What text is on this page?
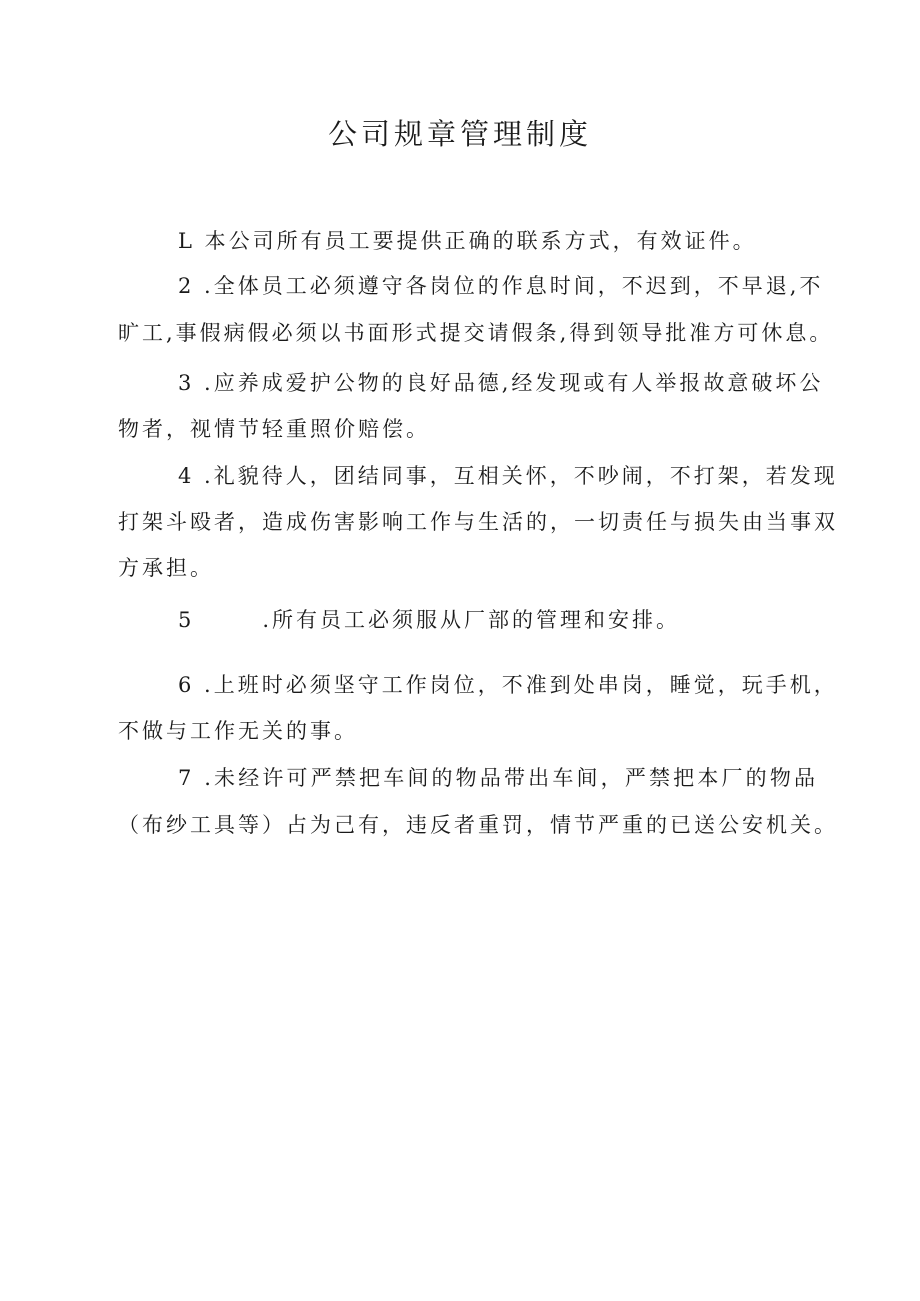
公司规章管理制度
L 本公司所有员工要提供正确的联系方式，有效证件。
2 .全体员工必须遵守各岗位的作息时间，不迟到，不早退,不
旷工,事假病假必须以书面形式提交请假条,得到领导批准方可休息。
3 .应养成爱护公物的良好品德,经发现或有人举报故意破坏公
物者，视情节轻重照价赔偿。
4 .礼貌待人，团结同事，互相关怀，不吵闹，不打架，若发现
打架斗殴者，造成伤害影响工作与生活的，一切责任与损失由当事双
方承担。
5	.所有员工必须服从厂部的管理和安排。
6 .上班时必须坚守工作岗位，不准到处串岗，睡觉，玩手机，
不做与工作无关的事。
7 .未经许可严禁把车间的物品带出车间，严禁把本厂的物品
（布纱工具等）占为己有，违反者重罚，情节严重的已送公安机关。
